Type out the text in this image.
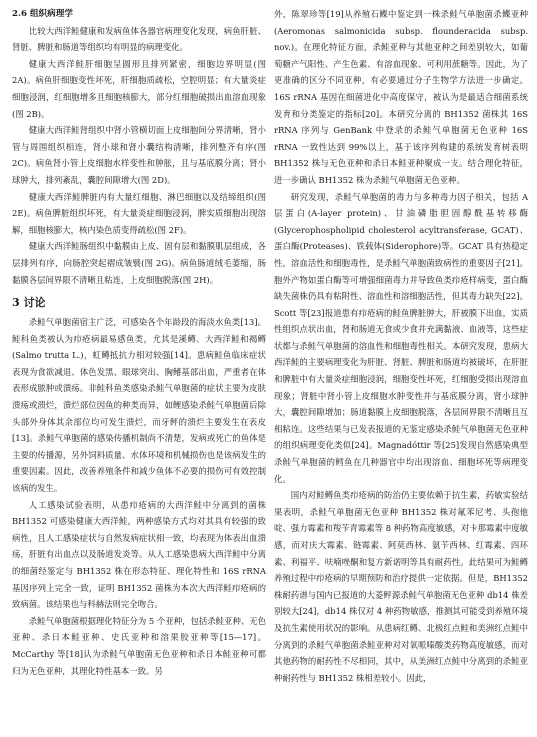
2.6 组织病理学

比较大西洋鲑健康和发病鱼体各器官病理变化发现，病鱼肝脏、肾脏、脾脏和肠道等组织均有明显的病理变化。

健康大西洋鲑肝细胞呈圆形且排列紧密，细胞边界明显(图 2A)。病鱼肝细胞变性坏死，肝细胞质疏松，空腔明显；有大量炎症细胞浸润，红细胞增多且细胞核膨大，部分红细胞破损出血溶血现象(图 2B)。

健康大西洋鲑肾组织中肾小管横切面上皮细胞间分界清晰，肾小管与周围组织相连，肾小球和肾小囊结构清晰，排列整齐有序(图 2C)。病鱼肾小管上皮细胞水样变性和肿胀，且与基底膜分离；肾小球肿大，排列紊乱，囊腔间隙增大(图 2D)。

健康大西洋鲑脾脏内有大量红细胞、淋巴细胞以及结缔组织(图 2E)。病鱼脾脏组织坏死，有大量炎症细胞浸润，脾实质细胞出现溶解，细胞核膨大，核内染色质变得疏松(图 2F)。

健康大西洋鲑肠组织中黏膜由上皮、固有层和黏膜肌层组成，各层排列有序，向肠腔突起褶成皱襞(图 2G)。病鱼肠道绒毛萎缩，肠黏膜各层间界限不清晰且粘连，上皮细胞脱落(图 2H)。

3 讨论

杀鲑气单胞菌宿主广泛，可感染各个年龄段的海淡水鱼类[13]。鲑科鱼类被认为疖疮病最易感鱼类，尤其是溪鳟、大西洋鲑和褐鳟(Salmo trutta L.)，虹鳟抵抗力相对较强[14]。患病鲑鱼临床症状表现为食欲减退、体色发黑、眼球突出、胸鳍基部出血，严重者在体表形成脓肿或溃疡。非鲑科鱼类感染杀鲑气单胞菌的症状主要为皮肤溃疡或溃烂，溃烂部位因鱼的种类而异，如鲤感染杀鲑气单胞菌后除头部外身体其余部位均可发生溃烂，而牙鲆的溃烂主要发生在表皮[13]。杀鲑气单胞菌的感染传播机制尚不清楚，发病或死亡的鱼体是主要的传播源，另外饲料质量、水体环境和机械损伤也是该病发生的重要因素。因此，改善养殖条件和减少鱼体不必要的损伤可有效控制该病的发生。

人工感染试验表明，从患疖疮病的大西洋鲑中分离到的菌株 BH1352 可感染健康大西洋鲑，两种感染方式均对其具有较强的致病性，且人工感染症状与自然发病症状相一致，均表现为体表出血溃疡，肝脏有出血点以及肠道发炎等。从人工感染患病大西洋鲑中分离的细菌经鉴定与 BH1352 株在形态特征、理化特性和 16S rRNA 基因序列上完全一致，证明 BH1352 菌株为本次大西洋鲑疖疮病的致病菌。该结果也与科赫法则完全吻合。

杀鲑气单胞菌根据理化特征分为 5 个亚种，包括杀鲑亚种、无色亚种、杀日本鲑亚种、史氏亚种和溶果胶亚种等[15—17]。McCarthy 等[18]认为杀鲑气单胞菌无色亚种和杀日本鲑亚种可都归为无色亚种，其理化特性基本一致。另

外，陈翠珍等[19]从养殖石鲽中鉴定到一株杀鲑气单胞菌杀鲽亚种(Aeromonas salmonicida subsp. flounderacida subsp. nov.)。在理化特征方面，杀鲑亚种与其他亚种之间差别较大，如葡萄糖产气阳性、产生色素、有溶血现象、可利用蔗糖等。因此，为了更准确的区分不同亚种，有必要通过分子生物学方法进一步确定。16S rRNA 基因在细菌进化中高度保守，被认为是最适合细菌系统发育和分类鉴定的指标[20]。本研究分离的 BH1352 菌株其 16S rRNA 序列与 GenBank 中登录的杀鲑气单胞菌无色亚种 16S rRNA 一致性达到 99%以上，基于该序列构建的系统发育树表明 BH1352 株与无色亚种和杀日本鲑亚种聚成一支。结合理化特征，进一步确认 BH1352 株为杀鲑气单胞菌无色亚种。

研究发现，杀鲑气单胞菌的毒力与多种毒力因子相关，包括 A 层蛋白(A-layer protein)、甘油磷脂胆固醇酰基转移酶(Glycerophospholipid cholesterol acyltransferase, GCAT)、蛋白酶(Proteases)、铁载体(Siderophore)等。GCAT 具有热稳定性，溶血活性和细胞毒性，是杀鲑气单胞菌致病性的重要因子[21]。胞外产物如蛋白酶等可增强细菌毒力并导致鱼类疖疮样病变，蛋白酶缺失菌株仍具有粘附性、溶血性和溶细胞活性，但其毒力缺失[22]。Scott 等[23]报道患有疖疮病的鲑鱼脾脏肿大，肝被膜下出血，实质性组织点状出血，肾和肠道无食或少食并充满黏液、血液等，这些症状都与杀鲑气单胞菌的溶血性和细胞毒性相关。本研究发现，患病大西洋鲑的主要病理变化为肝脏、肾脏、脾脏和肠道均被破坏，在肝脏和脾脏中有大量炎症细胞浸润，细胞变性坏死，红细胞受损出现溶血现象；肾脏中肾小管上皮细胞水肿变性并与基底膜分离，肾小球肿大，囊腔间隙增加；肠道黏膜上皮细胞脱落，各层间界限不清晰且互相粘连。这些结果与已发表报道的无鉴定感染杀鲑气单胞菌无色亚种的组织病理变化类似[24]。Magnadóttir 等[25]发现自然感染典型杀鲑气单胞菌的鳕鱼在几种器官中均出现溶血、细胞坏死等病理变化。

国内对鲑鳟鱼类疖疮病的防治仍主要依赖于抗生素，药敏实验结果表明，杀鲑气单胞菌无色亚种 BH1352 株对氟苯尼考、头孢他啶、强力霉素和羧苄青霉素等 8 种药物高度敏感，对卡那霉素中度敏感，而对庆大霉素、链霉素、阿莫西林、氨苄西林、红霉素、四环素、利福平、呋喃唑酮和复方新诺明等具有耐药性。此结果可为鲑鳟养殖过程中疖疮病的早期预防和治疗提供一定依据。但是，BH1352 株耐药谱与国内已报道的大菱鲆源杀鲑气单胞菌无色亚种 db14 株差别较大[24]，db14 株仅对 4 种药物敏感，推测其可能受到养殖环境及抗生素使用状况的影响。从患病红鳟、北极红点鲑和美洲红点鲑中分离到的杀鲑气单胞菌杀鲑亚种对对氧哌嗪酸类药物高度敏感，而对其他药物的耐药性不尽相同，其中，从美洲红点鲑中分离到的杀鲑亚种耐药性与 BH1352 株相差较小。因此，
